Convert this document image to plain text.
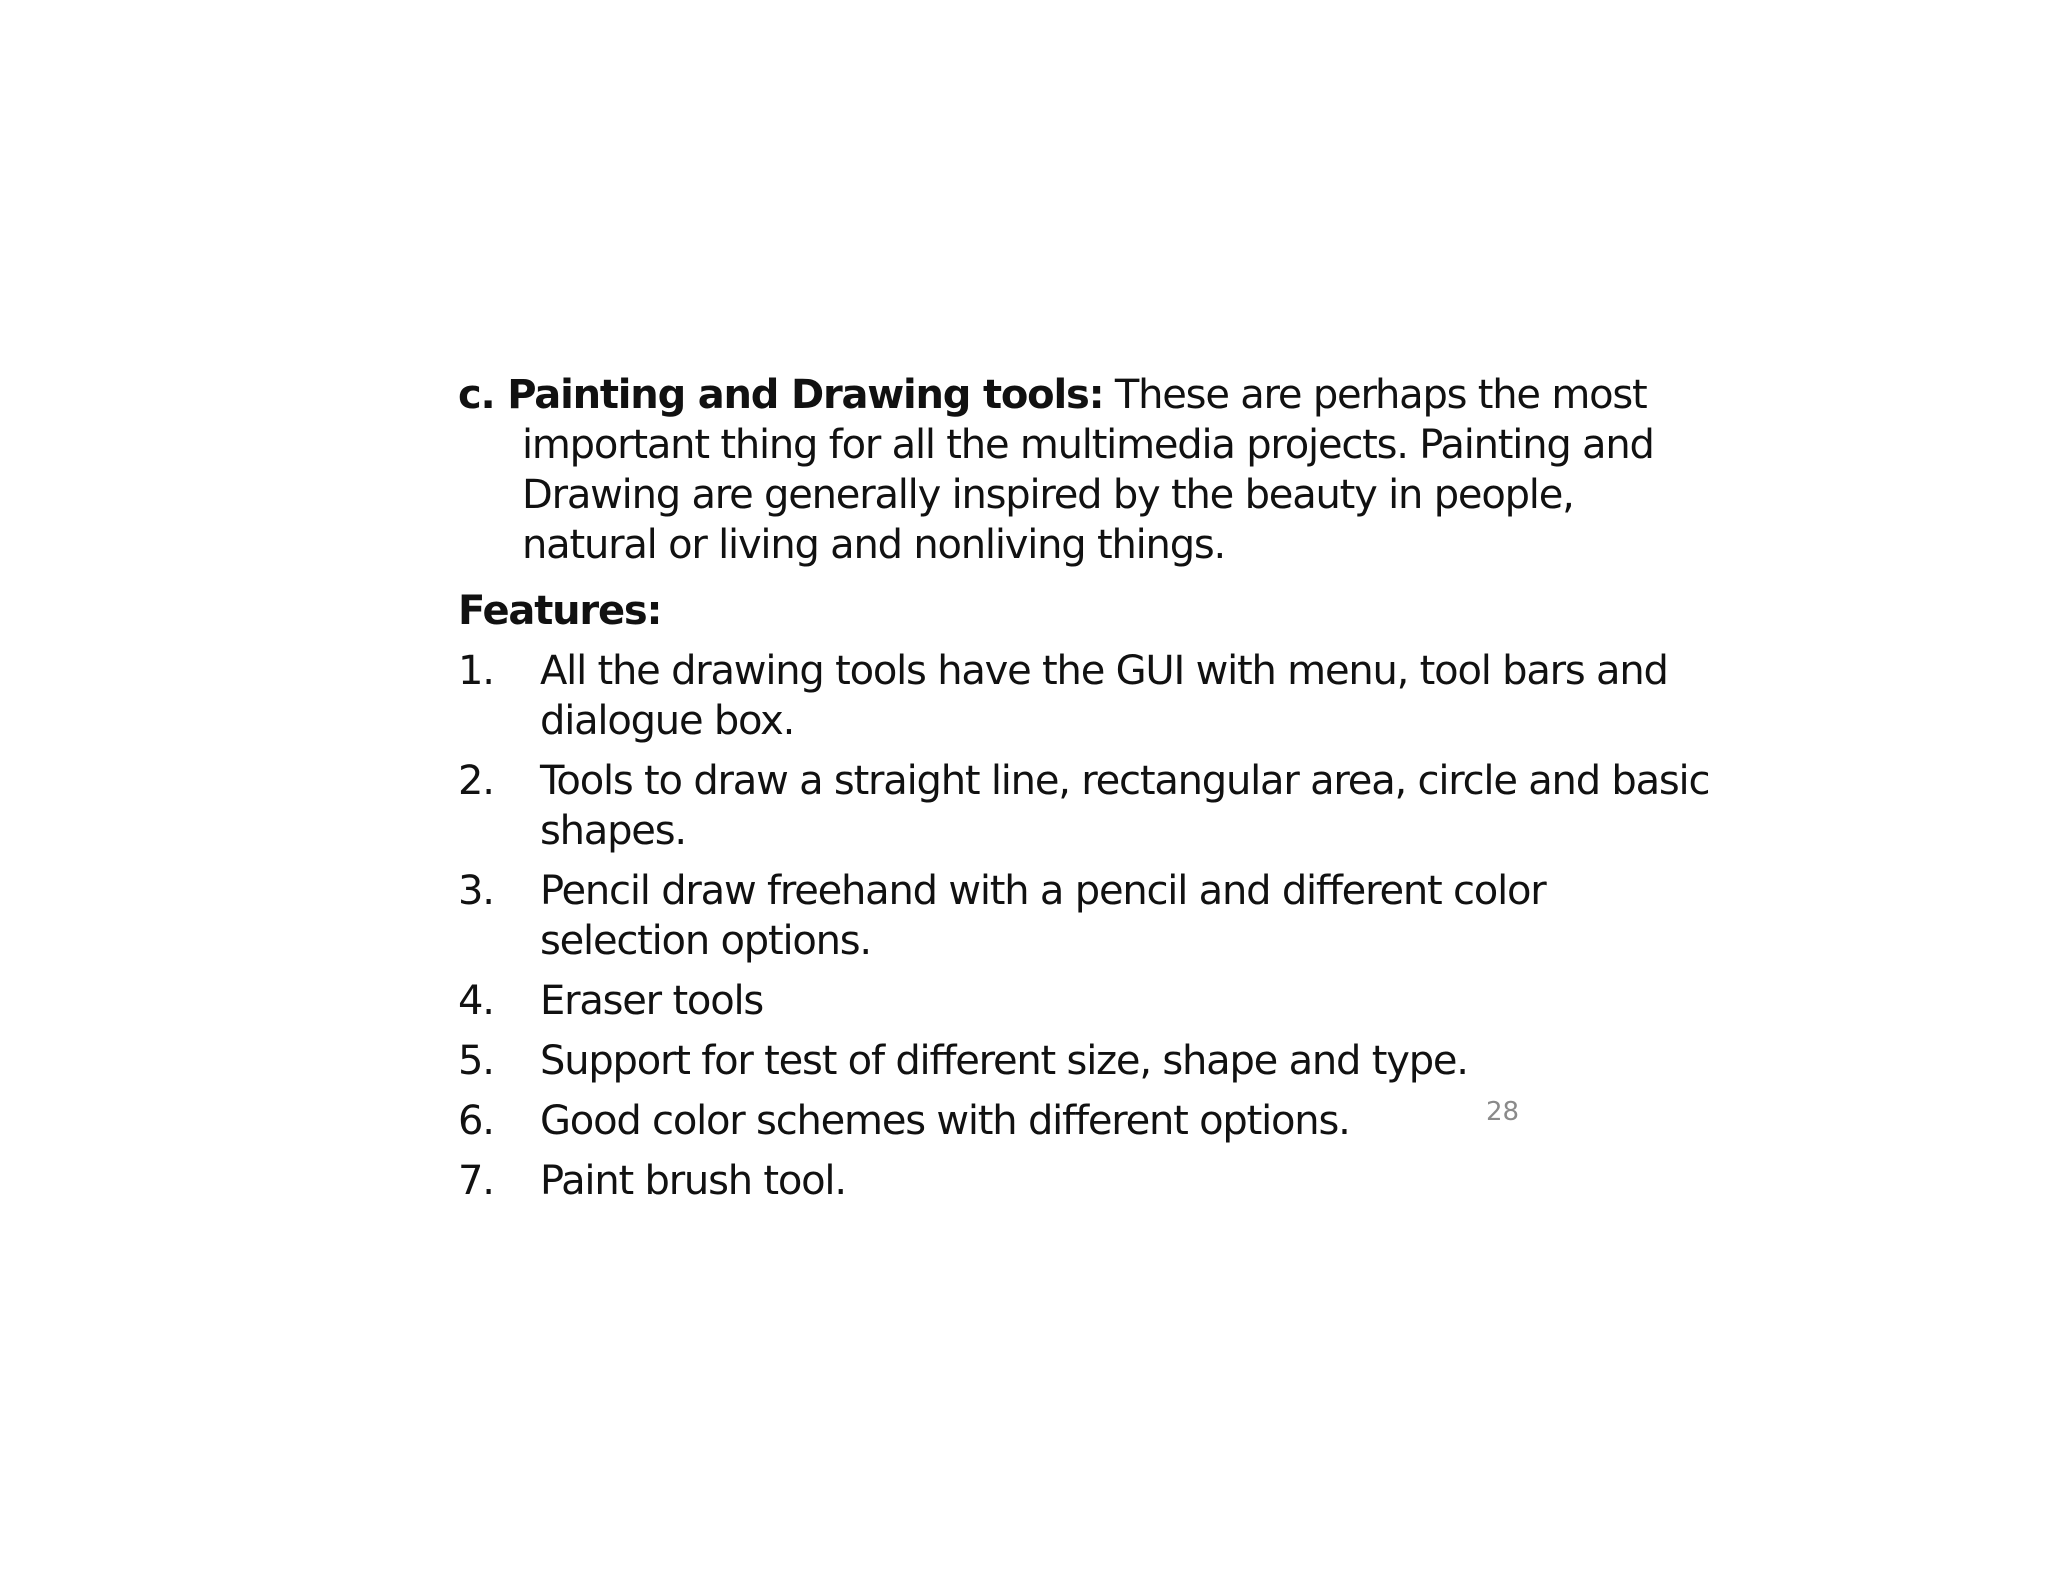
c. Painting and Drawing tools: These are perhaps the most important thing for all the multimedia projects. Painting and Drawing are generally inspired by the beauty in people, natural or living and nonliving things.

Features:
1. All the drawing tools have the GUI with menu, tool bars and dialogue box.
2. Tools to draw a straight line, rectangular area, circle and basic shapes.
3. Pencil draw freehand with a pencil and different color selection options.
4. Eraser tools
5. Support for test of different size, shape and type.
6. Good color schemes with different options.
7. Paint brush tool.
28
